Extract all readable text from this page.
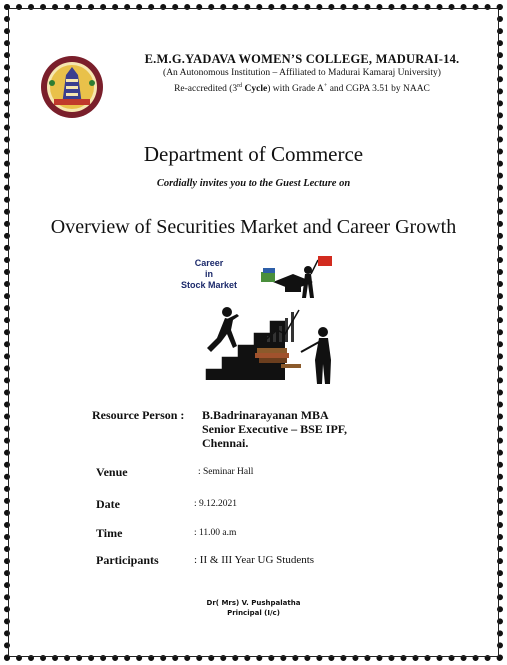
E.M.G.YADAVA WOMEN’S COLLEGE, MADURAI-14.
(An Autonomous Institution – Affiliated to Madurai Kamaraj University)
Re-accredited (3rd Cycle) with Grade A+ and CGPA 3.51 by NAAC
Department of Commerce
Cordially invites you to the Guest Lecture on
Overview of Securities Market and Career Growth
Career
in
Stock Market
Resource Person : B.Badrinarayanan MBA
Senior Executive – BSE IPF,
Chennai.
Venue	: Seminar Hall
Date	: 9.12.2021
Time	: 11.00 a.m
Participants	: II & III Year UG Students
Dr( Mrs) V. Pushpalatha
Principal (I/c)
